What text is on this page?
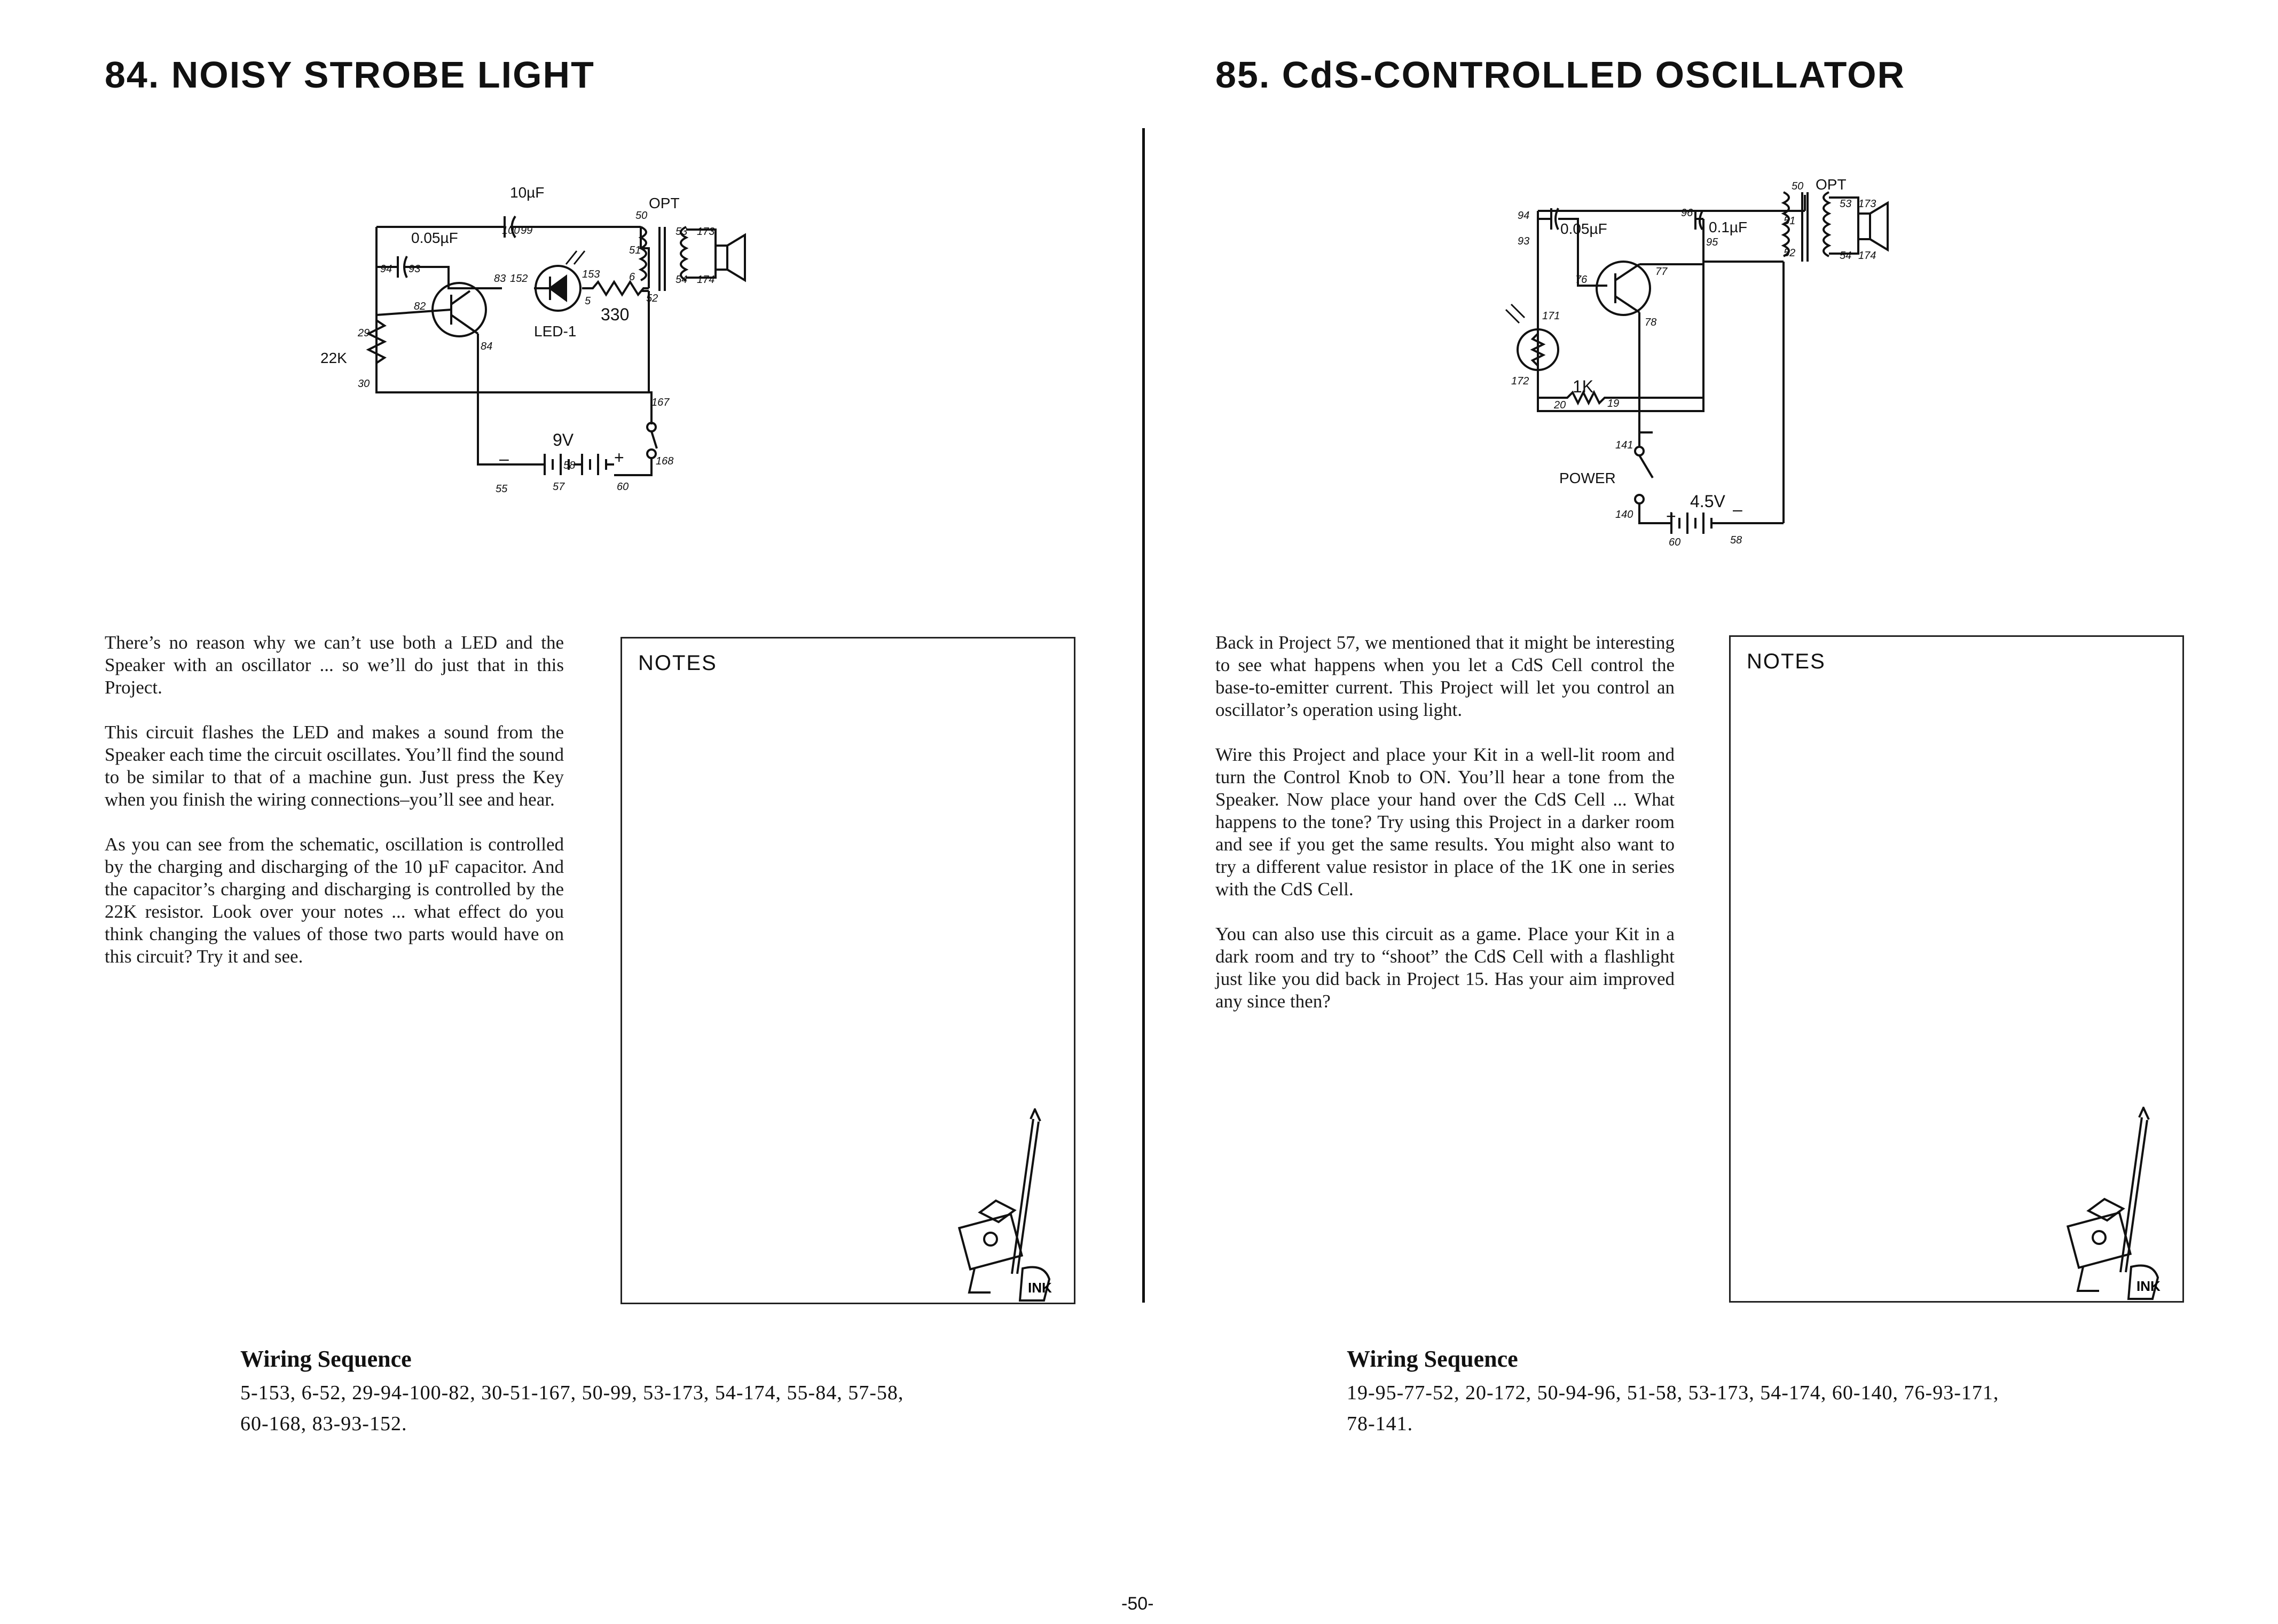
84. NOISY STROBE LIGHT
10µF
0.05µF
OPT
22K
330
LED-1
9V
–	+
100 99
94 93
83 152	153
5
6
51
50
53 173
54 174
52
82
84
29
30
167
168
55	57
58
60

There’s no reason why we can’t use both a LED and the Speaker with an oscillator ... so we’ll do just that in this Project.

This circuit flashes the LED and makes a sound from the Speaker each time the circuit oscillates. You’ll find the sound to be similar to that of a machine gun. Just press the Key when you finish the wiring connections–you’ll see and hear.

As you can see from the schematic, oscillation is controlled by the charging and discharging of the 10 µF capacitor. And the capacitor’s charging and discharging is controlled by the 22K resistor. Look over your notes ... what effect do you think changing the values of those two parts would have on this circuit? Try it and see.

NOTES
INK
Wiring Sequence
5-153, 6-52, 29-94-100-82, 30-51-167, 50-99, 53-173, 54-174, 55-84, 57-58,
60-168, 83-93-152.
85. CdS-CONTROLLED OSCILLATOR
OPT
0.05µF	0.1µF
1K
POWER
4.5V –
+
50
53 173
54 174
51
52
94
93
96
95
76
77
78
171
172
20	19
141
140
60	58

Back in Project 57, we mentioned that it might be interesting to see what happens when you let a CdS Cell control the base-to-emitter current. This Project will let you control an oscillator’s operation using light.

Wire this Project and place your Kit in a well-lit room and turn the Control Knob to ON. You’ll hear a tone from the Speaker. Now place your hand over the CdS Cell ... What happens to the tone? Try using this Project in a darker room and see if you get the same results. You might also want to try a different value resistor in place of the 1K one in series with the CdS Cell.

You can also use this circuit as a game. Place your Kit in a dark room and try to “shoot” the CdS Cell with a flashlight just like you did back in Project 15. Has your aim improved any since then?

NOTES
INK
Wiring Sequence
19-95-77-52, 20-172, 50-94-96, 51-58, 53-173, 54-174, 60-140, 76-93-171,
78-141.
-50-
